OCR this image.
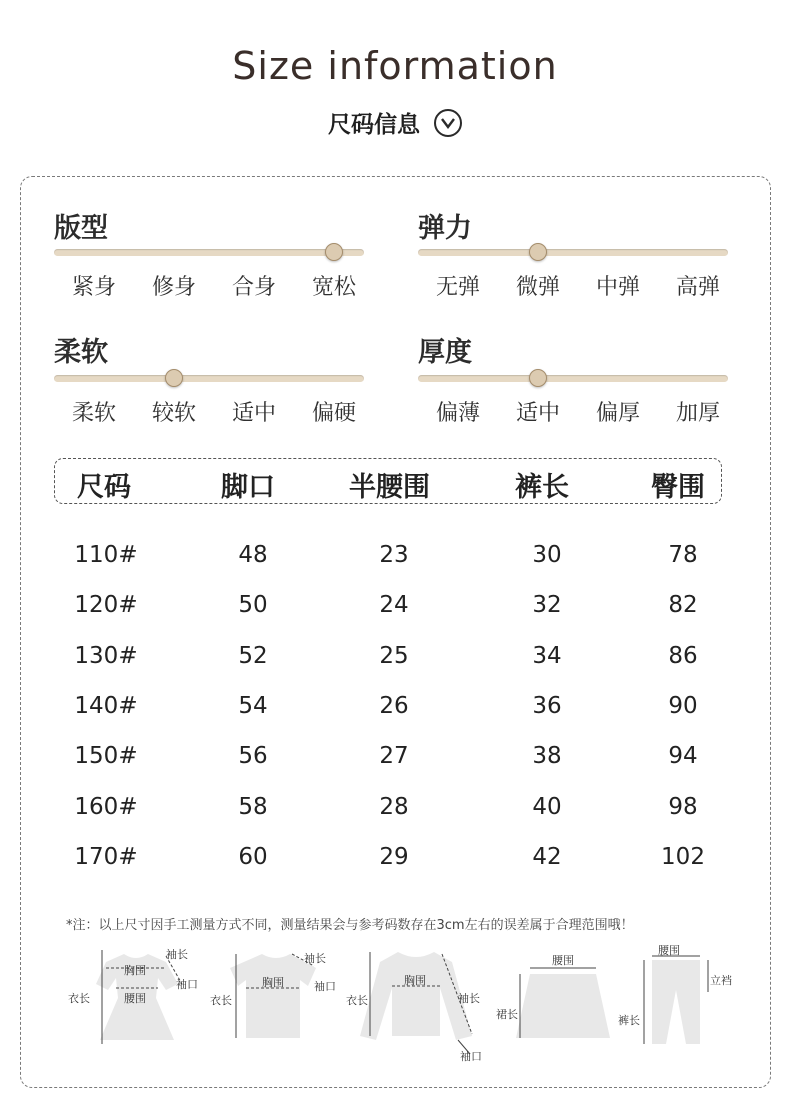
Size information
尺码信息
版型
紧身	修身	合身	宽松
弹力
无弹	微弹	中弹	高弹
柔软
柔软	较软	适中	偏硬
厚度
偏薄	适中	偏厚	加厚
尺码	脚口	半腰围	裤长	臀围
110#	48	23	30	78
120#	50	24	32	82
130#	52	25	34	86
140#	54	26	36	90
150#	56	27	38	94
160#	58	28	40	98
170#	60	29	42	102
*注：以上尺寸因手工测量方式不同，测量结果会与参考码数存在3cm左右的误差属于合理范围哦！
胸围
腰围
袖长
袖口
衣长
胸围
袖长
袖口
衣长
胸围
袖长
袖口
衣长
腰围
裙长
腰围
立裆
裤长
